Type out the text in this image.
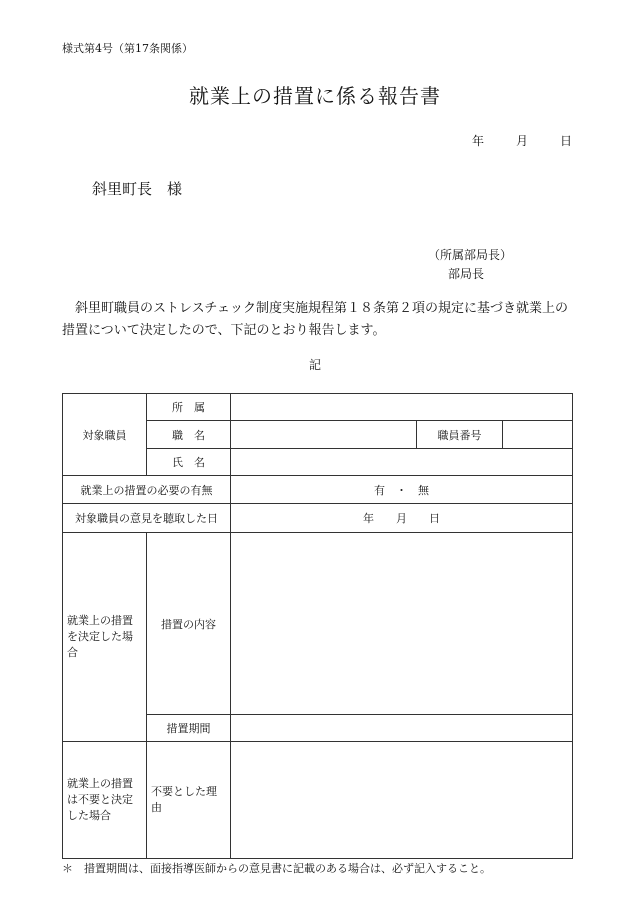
様式第4号（第17条関係）
就業上の措置に係る報告書
年	月	日
斜里町長　様
（所属部局長）
部局長
斜里町職員のストレスチェック制度実施規程第１８条第２項の規定に基づき就業上の措置について決定したので、下記のとおり報告します。
記
対象職員	所　属			
	職　名		職員番号	
	氏　名			
就業上の措置の必要の有無		有　・　無		
対象職員の意見を聴取した日		年　　月　　日		
就業上の措置を決定した場合	措置の内容			
	措置期間			
就業上の措置は不要と決定した場合	不要とした理由			
＊　措置期間は、面接指導医師からの意見書に記載のある場合は、必ず記入すること。
